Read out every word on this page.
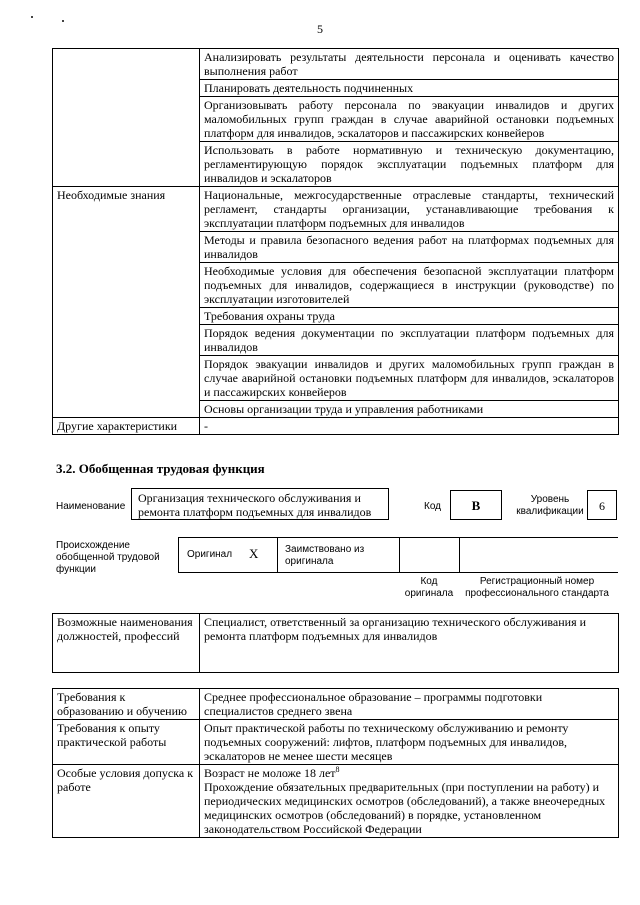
5
	Анализировать результаты деятельности персонала и оценивать качество выполнения работ
	Планировать деятельность подчиненных
	Организовывать работу персонала по эвакуации инвалидов и других маломобильных групп граждан в случае аварийной остановки подъемных платформ для инвалидов, эскалаторов и пассажирских конвейеров
	Использовать в работе нормативную и техническую документацию, регламентирующую порядок эксплуатации подъемных платформ для инвалидов и эскалаторов
Необходимые знания	Национальные, межгосударственные отраслевые стандарты, технический регламент, стандарты организации, устанавливающие требования к эксплуатации платформ подъемных для инвалидов
	Методы и правила безопасного ведения работ на платформах подъемных для инвалидов
	Необходимые условия для обеспечения безопасной эксплуатации платформ подъемных для инвалидов, содержащиеся в инструкции (руководстве) по эксплуатации изготовителей
	Требования охраны труда
	Порядок ведения документации по эксплуатации платформ подъемных для инвалидов
	Порядок эвакуации инвалидов и других маломобильных групп граждан в случае аварийной остановки подъемных платформ для инвалидов, эскалаторов и пассажирских конвейеров
	Основы организации труда и управления работниками
Другие характеристики	-
3.2. Обобщенная трудовая функция
Наименование
Организация технического обслуживания и ремонта платформ подъемных для инвалидов	Код	B	Уровень квалификации	6
Происхождение обобщенной трудовой функции
Оригинал X	Заимствовано из оригинала
Код оригинала
Регистрационный номер профессионального стандарта
Возможные наименования должностей, профессий	Специалист, ответственный за организацию технического обслуживания и ремонта платформ подъемных для инвалидов
Требования к образованию и обучению	Среднее профессиональное образование – программы подготовки специалистов среднего звена
Требования к опыту практической работы	Опыт практической работы по техническому обслуживанию и ремонту подъемных сооружений: лифтов, платформ подъемных для инвалидов, эскалаторов не менее шести месяцев
Особые условия допуска к работе	Возраст не моложе 18 лет$^8$
Прохождение обязательных предварительных (при поступлении на работу) и периодических медицинских осмотров (обследований), а также внеочередных медицинских осмотров (обследований) в порядке, установленном законодательством Российской Федерации
